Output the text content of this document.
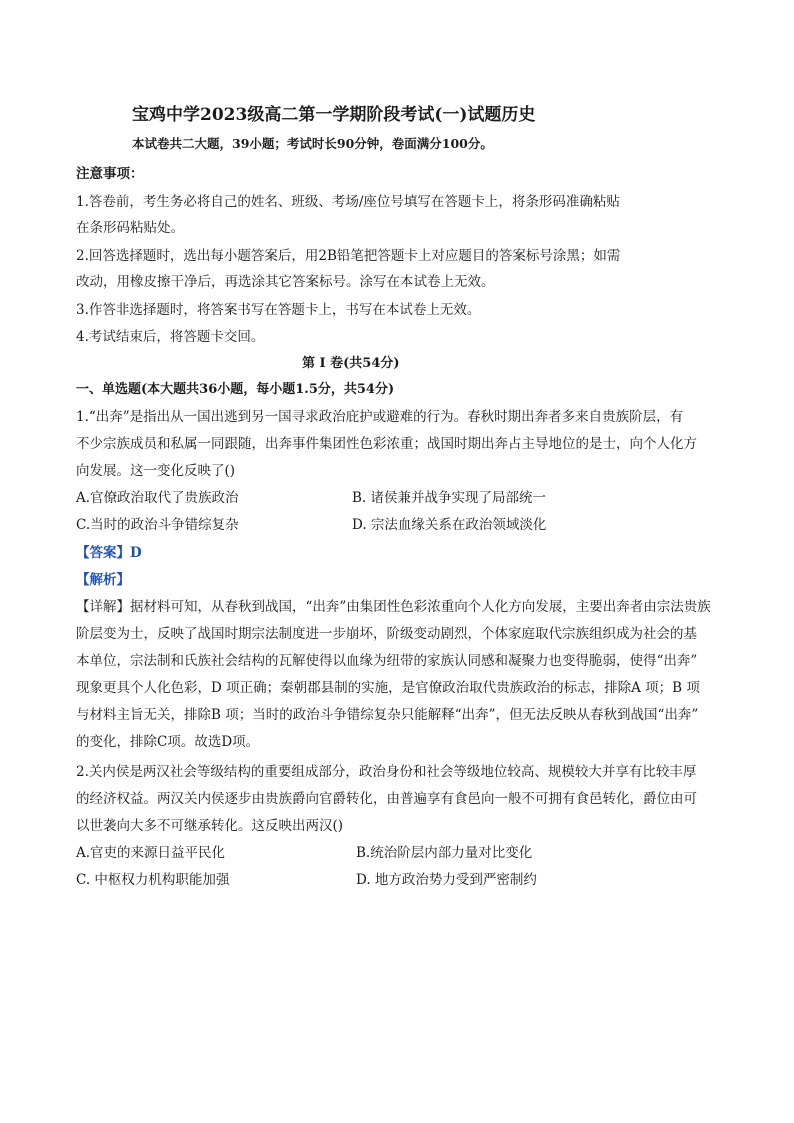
宝鸡中学2023级高二第一学期阶段考试(一)试题历史
本试卷共二大题，39小题；考试时长90分钟，卷面满分100分。
注意事项：
1.答卷前，考生务必将自己的姓名、班级、考场/座位号填写在答题卡上，将条形码准确粘贴
在条形码粘贴处。
2.回答选择题时，选出每小题答案后，用2B铅笔把答题卡上对应题目的答案标号涂黑；如需
改动，用橡皮擦干净后，再选涂其它答案标号。涂写在本试卷上无效。
3.作答非选择题时，将答案书写在答题卡上，书写在本试卷上无效。
4.考试结束后，将答题卡交回。
第 I 卷(共54分)
一、单选题(本大题共36小题，每小题1.5分，共54分)
1.“出奔”是指出从一国出逃到另一国寻求政治庇护或避难的行为。春秋时期出奔者多来自贵族阶层，有
不少宗族成员和私属一同跟随，出奔事件集团性色彩浓重；战国时期出奔占主导地位的是士，向个人化方
向发展。这一变化反映了()
A.官僚政治取代了贵族政治	B. 诸侯兼并战争实现了局部统一
C.当时的政治斗争错综复杂	D. 宗法血缘关系在政治领域淡化
【答案】D
【解析】
【详解】据材料可知，从春秋到战国，“出奔”由集团性色彩浓重向个人化方向发展，主要出奔者由宗法贵族
阶层变为士，反映了战国时期宗法制度进一步崩坏，阶级变动剧烈，个体家庭取代宗族组织成为社会的基
本单位，宗法制和氏族社会结构的瓦解使得以血缘为纽带的家族认同感和凝聚力也变得脆弱，使得“出奔”
现象更具个人化色彩，D 项正确；秦朝郡县制的实施，是官僚政治取代贵族政治的标志，排除A 项；B 项
与材料主旨无关，排除B 项；当时的政治斗争错综复杂只能解释“出奔”，但无法反映从春秋到战国“出奔”
的变化，排除C项。故选D项。
2.关内侯是两汉社会等级结构的重要组成部分，政治身份和社会等级地位较高、规模较大并享有比较丰厚
的经济权益。两汉关内侯逐步由贵族爵向官爵转化，由普遍享有食邑向一般不可拥有食邑转化，爵位由可
以世袭向大多不可继承转化。这反映出两汉()
A.官吏的来源日益平民化	B.统治阶层内部力量对比变化
C. 中枢权力机构职能加强	D. 地方政治势力受到严密制约
